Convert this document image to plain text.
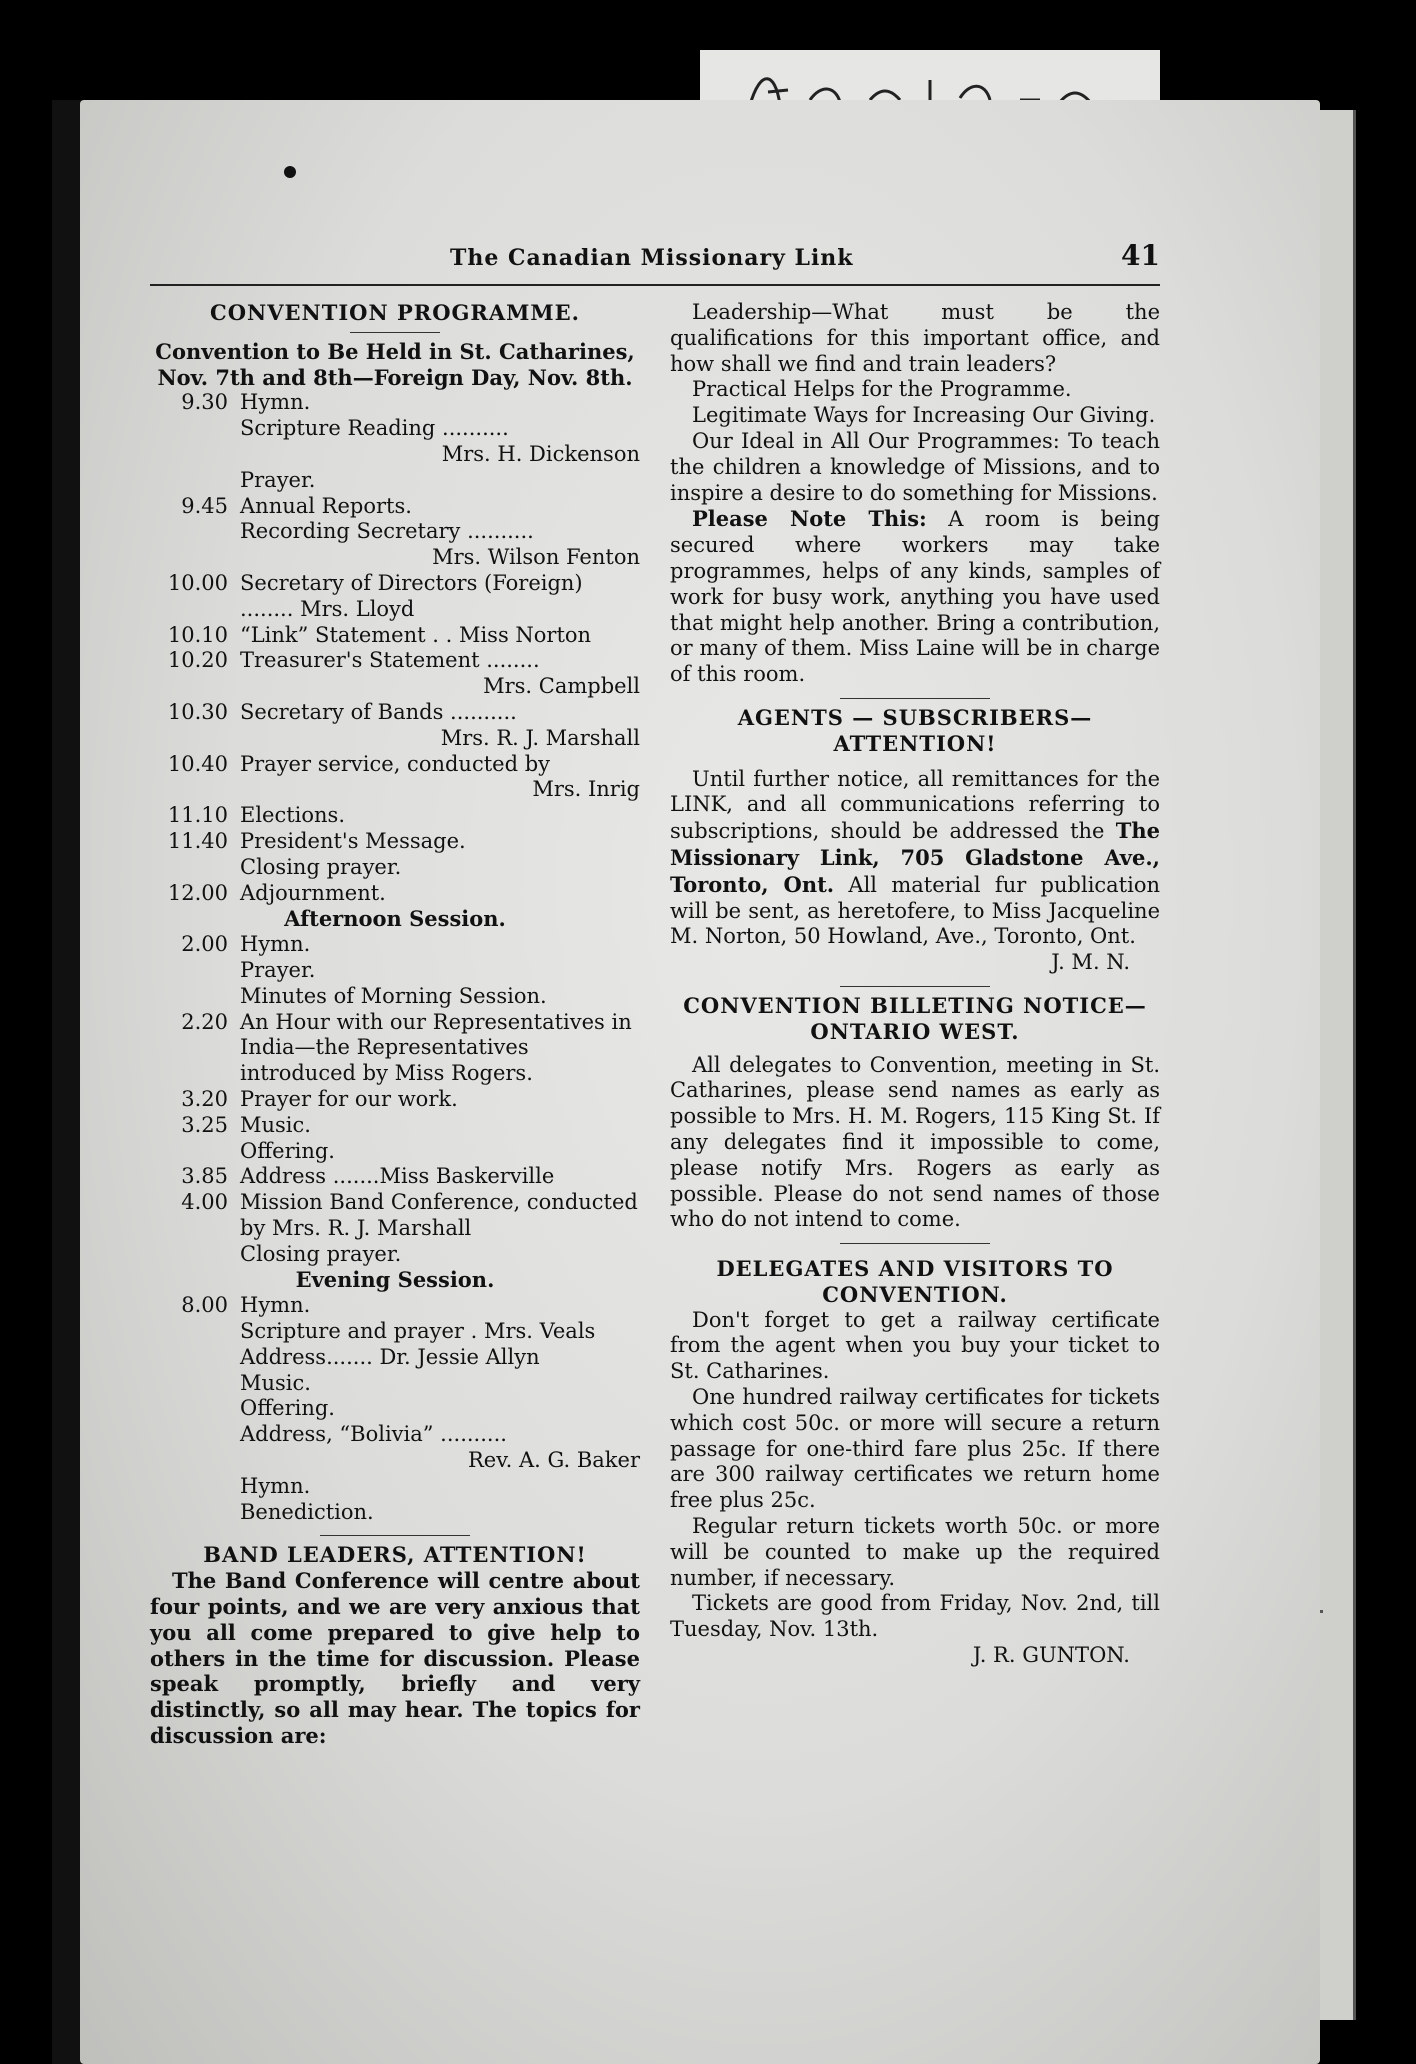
The Canadian Missionary Link	41
CONVENTION PROGRAMME.
Convention to Be Held in St. Catharines, Nov. 7th and 8th—Foreign Day, Nov. 8th.
9.30 Hymn.
Scripture Reading ..........
Mrs. H. Dickenson
Prayer.
9.45 Annual Reports.
Recording Secretary ..........
Mrs. Wilson Fenton
10.00 Secretary of Directors (Foreign) ........ Mrs. Lloyd
10.10 “Link” Statement . . Miss Norton
10.20 Treasurer's Statement ........
Mrs. Campbell
10.30 Secretary of Bands ..........
Mrs. R. J. Marshall
10.40 Prayer service, conducted by
Mrs. Inrig
11.10 Elections.
11.40 President's Message.
Closing prayer.
12.00 Adjournment.
Afternoon Session.
2.00 Hymn.
Prayer.
Minutes of Morning Session.
2.20 An Hour with our Representatives in India—the Representatives introduced by Miss Rogers.
3.20 Prayer for our work.
3.25 Music.
Offering.
3.85 Address .......Miss Baskerville
4.00 Mission Band Conference, conducted by Mrs. R. J. Marshall
Closing prayer.
Evening Session.
8.00 Hymn.
Scripture and prayer . Mrs. Veals
Address....... Dr. Jessie Allyn
Music.
Offering.
Address, “Bolivia” ..........
Rev. A. G. Baker
Hymn.
Benediction.
BAND LEADERS, ATTENTION!

The Band Conference will centre about four points, and we are very anxious that you all come prepared to give help to others in the time for discussion. Please speak promptly, briefly and very distinctly, so all may hear. The topics for discussion are:

Leadership—What must be the qualifications for this important office, and how shall we find and train leaders?

Practical Helps for the Programme.

Legitimate Ways for Increasing Our Giving.

Our Ideal in All Our Programmes: To teach the children a knowledge of Missions, and to inspire a desire to do something for Missions.

Please Note This: A room is being secured where workers may take programmes, helps of any kinds, samples of work for busy work, anything you have used that might help another. Bring a contribution, or many of them. Miss Laine will be in charge of this room.

AGENTS — SUBSCRIBERS—ATTENTION!

Until further notice, all remittances for the LINK, and all communications referring to subscriptions, should be addressed the The Missionary Link, 705 Gladstone Ave., Toronto, Ont. All material fur publication will be sent, as heretofere, to Miss Jacqueline M. Norton, 50 Howland, Ave., Toronto, Ont.

J. M. N.
CONVENTION BILLETING NOTICE—
ONTARIO WEST.

All delegates to Convention, meeting in St. Catharines, please send names as early as possible to Mrs. H. M. Rogers, 115 King St. If any delegates find it impossible to come, please notify Mrs. Rogers as early as possible. Please do not send names of those who do not intend to come.

DELEGATES AND VISITORS TO CONVENTION.

Don't forget to get a railway certificate from the agent when you buy your ticket to St. Catharines.

One hundred railway certificates for tickets which cost 50c. or more will secure a return passage for one-third fare plus 25c. If there are 300 railway certificates we return home free plus 25c.

Regular return tickets worth 50c. or more will be counted to make up the required number, if necessary.

Tickets are good from Friday, Nov. 2nd, till Tuesday, Nov. 13th.

J. R. GUNTON.
